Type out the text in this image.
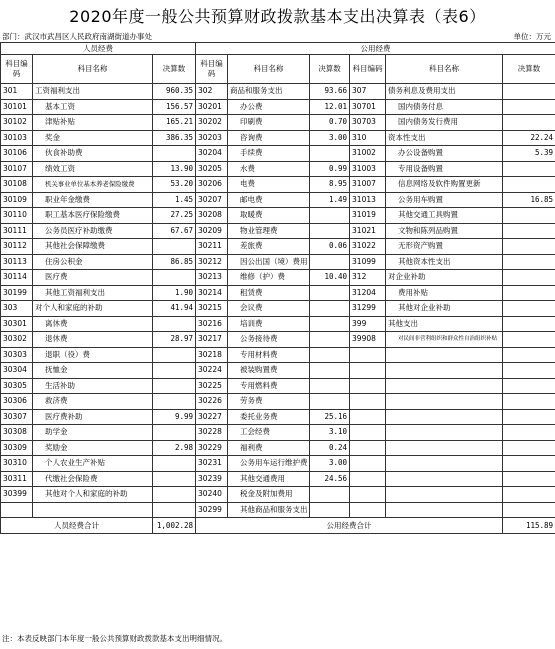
2020年度一般公共预算财政拨款基本支出决算表（表6）
部门：武汉市武昌区人民政府南湖街道办事处	单位：万元
人员经费			公用经费					
科目编码	科目名称	决算数	科目编码	科目名称	决算数	科目编码	科目名称	决算数
301	工资福利支出	960.35	302	商品和服务支出	93.66	307	债务利息及费用支出	
30101	基本工资	156.57	30201	办公费	12.01	30701	国内债务付息	
30102	津贴补贴	165.21	30202	印刷费	0.70	30703	国内债务发行费用	
30103	奖金	386.35	30203	咨询费	3.00	310	资本性支出	22.24
30106	伙食补助费		30204	手续费		31002	办公设备购置	5.39
30107	绩效工资	13.90	30205	水费	0.99	31003	专用设备购置	
30108	机关事业单位基本养老保险缴费	53.20	30206	电费	8.95	31007	信息网络及软件购置更新	
30109	职业年金缴费	1.45	30207	邮电费	1.49	31013	公务用车购置	16.85
30110	职工基本医疗保险缴费	27.25	30208	取暖费		31019	其他交通工具购置	
30111	公务员医疗补助缴费	67.67	30209	物业管理费		31021	文物和陈列品购置	
30112	其他社会保障缴费		30211	差旅费	0.06	31022	无形资产购置	
30113	住房公积金	86.85	30212	因公出国（境）费用		31099	其他资本性支出	
30114	医疗费		30213	维修（护）费	10.40	312	对企业补助	
30199	其他工资福利支出	1.90	30214	租赁费		31204	费用补贴	
303	对个人和家庭的补助	41.94	30215	会议费		31299	其他对企业补助	
30301	离休费		30216	培训费		399	其他支出	
30302	退休费	28.97	30217	公务接待费		39908	对民间非营利组织和群众性自治组织补贴	
30303	退职（役）费		30218	专用材料费				
30304	抚恤金		30224	被装购置费				
30305	生活补助		30225	专用燃料费				
30306	救济费		30226	劳务费				
30307	医疗费补助	9.99	30227	委托业务费	25.16			
30308	助学金		30228	工会经费	3.10			
30309	奖励金	2.98	30229	福利费	0.24			
30310	个人农业生产补贴		30231	公务用车运行维护费	3.00			
30311	代缴社会保险费		30239	其他交通费用	24.56			
30399	其他对个人和家庭的补助		30240	税金及附加费用				
			30299	其他商品和服务支出				
人员经费合计		1,002.28	公用经费合计					115.89
注：本表反映部门本年度一般公共预算财政拨款基本支出明细情况。
